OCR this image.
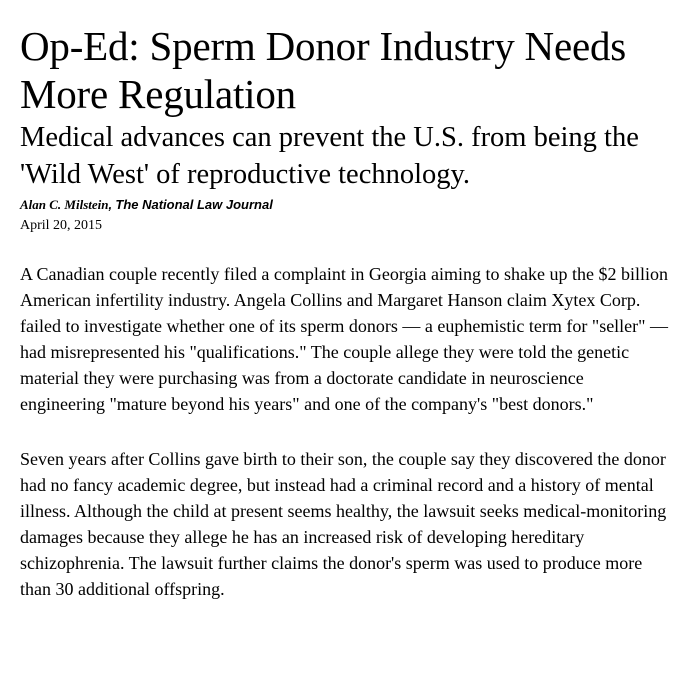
Op-Ed: Sperm Donor Industry Needs More Regulation
Medical advances can prevent the U.S. from being the 'Wild West' of reproductive technology.
Alan C. Milstein, The National Law Journal
April 20, 2015

A Canadian couple recently filed a complaint in Georgia aiming to shake up the $2 billion American infertility industry. Angela Collins and Margaret Hanson claim Xytex Corp. failed to investigate whether one of its sperm donors — a euphemistic term for "seller" — had misrepresented his "qualifications." The couple allege they were told the genetic material they were purchasing was from a doctorate candidate in neuroscience engineering "mature beyond his years" and one of the company's "best donors."

Seven years after Collins gave birth to their son, the couple say they discovered the donor had no fancy academic degree, but instead had a criminal record and a history of mental illness. Although the child at present seems healthy, the lawsuit seeks medical-monitoring damages because they allege he has an increased risk of developing hereditary schizophrenia. The lawsuit further claims the donor's sperm was used to produce more than 30 additional offspring.
